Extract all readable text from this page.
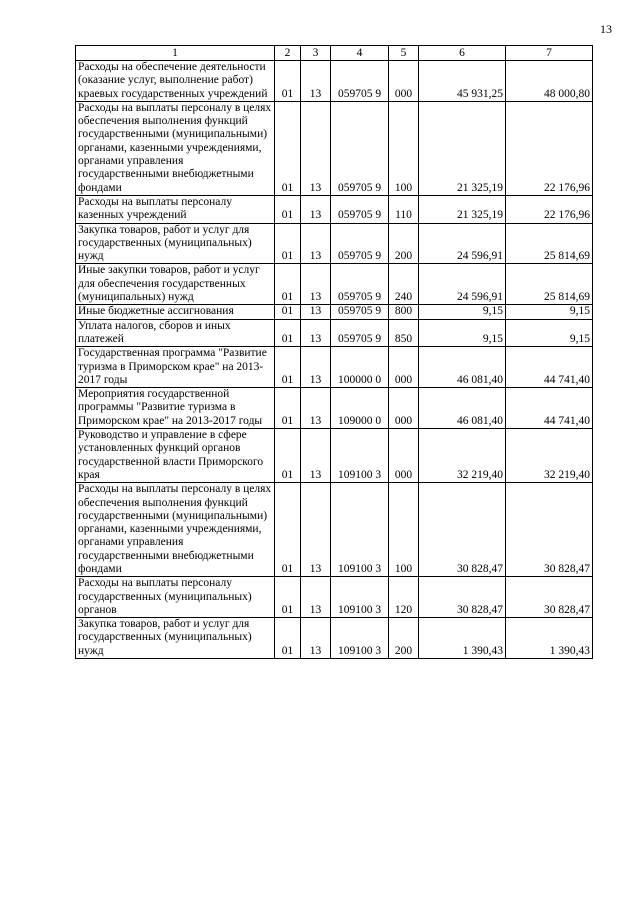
13
1	2	3	4	5	6	7
Расходы на обеспечение деятельности (оказание услуг, выполнение работ) краевых государственных учреждений	01	13	059705 9	000	45 931,25	48 000,80
Расходы на выплаты персоналу в целях обеспечения выполнения функций государственными (муниципальными) органами, казенными учреждениями, органами управления государственными внебюджетными фондами	01	13	059705 9	100	21 325,19	22 176,96
Расходы на выплаты персоналу казенных учреждений	01	13	059705 9	110	21 325,19	22 176,96
Закупка товаров, работ и услуг для государственных (муниципальных) нужд	01	13	059705 9	200	24 596,91	25 814,69
Иные закупки товаров, работ и услуг для обеспечения государственных (муниципальных) нужд	01	13	059705 9	240	24 596,91	25 814,69
Иные бюджетные ассигнования	01	13	059705 9	800	9,15	9,15
Уплата налогов, сборов и иных платежей	01	13	059705 9	850	9,15	9,15
Государственная программа "Развитие туризма в Приморском крае" на 2013-2017 годы	01	13	100000 0	000	46 081,40	44 741,40
Мероприятия государственной программы "Развитие туризма в Приморском крае" на 2013-2017 годы	01	13	109000 0	000	46 081,40	44 741,40
Руководство и управление в сфере установленных функций органов государственной власти Приморского края	01	13	109100 3	000	32 219,40	32 219,40
Расходы на выплаты персоналу в целях обеспечения выполнения функций государственными (муниципальными) органами, казенными учреждениями, органами управления государственными внебюджетными фондами	01	13	109100 3	100	30 828,47	30 828,47
Расходы на выплаты персоналу государственных (муниципальных) органов	01	13	109100 3	120	30 828,47	30 828,47
Закупка товаров, работ и услуг для государственных (муниципальных) нужд	01	13	109100 3	200	1 390,43	1 390,43
